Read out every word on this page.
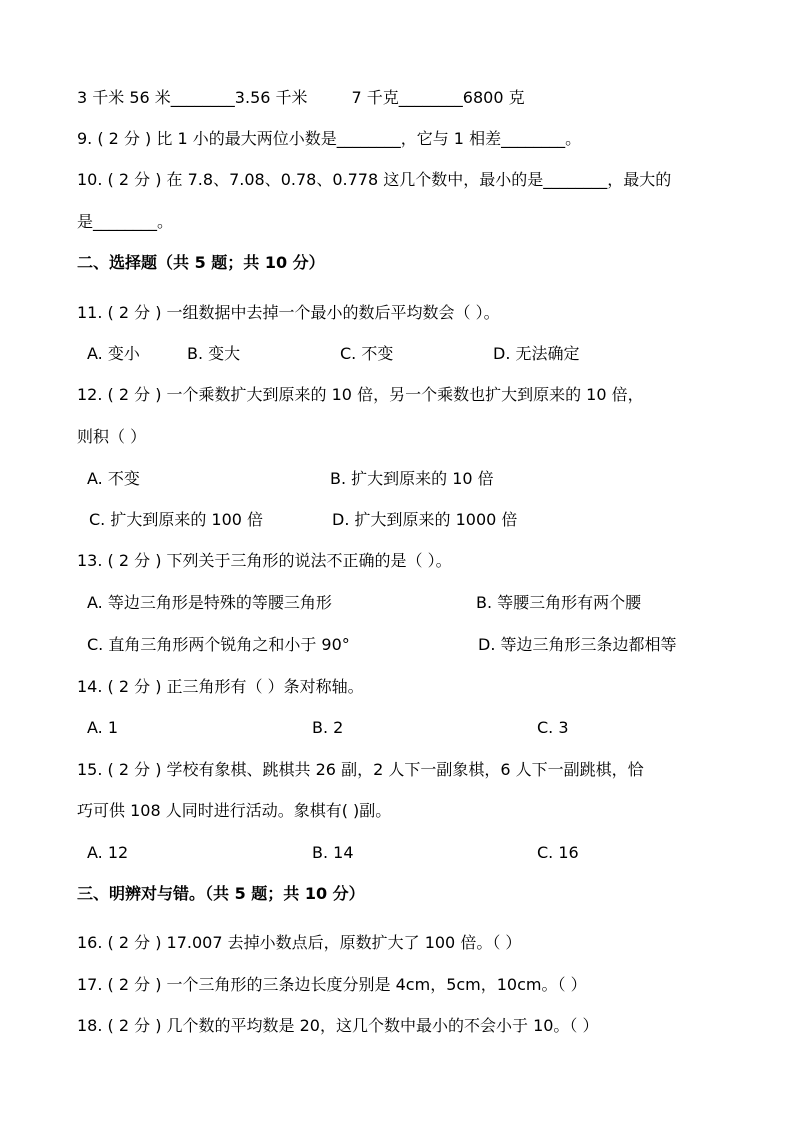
3 千米 56 米________3.56 千米	7 千克________6800 克
9. ( 2 分 ) 比 1 小的最大两位小数是________，它与 1 相差________。
10. ( 2 分 ) 在 7.8、7.08、0.78、0.778 这几个数中，最小的是________，最大的
是________。
二、选择题（共 5 题；共 10 分）
11. ( 2 分 ) 一组数据中去掉一个最小的数后平均数会（ ）。
A. 变小	B. 变大	C. 不变	D. 无法确定
12. ( 2 分 ) 一个乘数扩大到原来的 10 倍，另一个乘数也扩大到原来的 10 倍，
则积（ ）
A. 不变	B. 扩大到原来的 10 倍
C. 扩大到原来的 100 倍	D. 扩大到原来的 1000 倍
13. ( 2 分 ) 下列关于三角形的说法不正确的是（ ）。
A. 等边三角形是特殊的等腰三角形	B. 等腰三角形有两个腰
C. 直角三角形两个锐角之和小于 90°	D. 等边三角形三条边都相等
14. ( 2 分 ) 正三角形有（ ）条对称轴。
A. 1	B. 2	C. 3
15. ( 2 分 ) 学校有象棋、跳棋共 26 副，2 人下一副象棋，6 人下一副跳棋，恰
巧可供 108 人同时进行活动。象棋有( )副。
A. 12	B. 14	C. 16
三、明辨对与错。（共 5 题；共 10 分）
16. ( 2 分 ) 17.007 去掉小数点后，原数扩大了 100 倍。（ ）
17. ( 2 分 ) 一个三角形的三条边长度分别是 4cm，5cm，10cm。（ ）
18. ( 2 分 ) 几个数的平均数是 20，这几个数中最小的不会小于 10。（ ）
